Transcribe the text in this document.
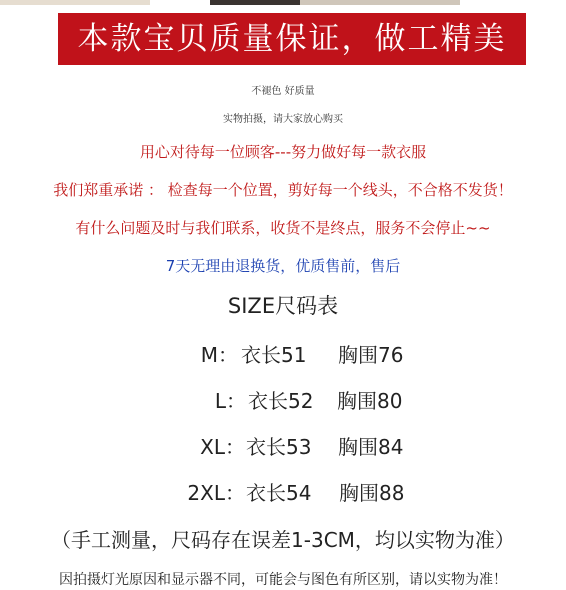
本款宝贝质量保证，做工精美
不褪色 好质量
实物拍摄，请大家放心购买
用心对待每一位顾客---努力做好每一款衣服
我们郑重承诺 ： 检查每一个位置，剪好每一个线头，不合格不发货！
有什么问题及时与我们联系，收货不是终点，服务不会停止~~
7天无理由退换货，优质售前，售后
SIZE尺码表
M： 衣长51 胸围76
L： 衣长52 胸围80
XL： 衣长53 胸围84
2XL： 衣长54 胸围88
（手工测量，尺码存在误差1-3CM，均以实物为准）
因拍摄灯光原因和显示器不同，可能会与图色有所区别，请以实物为准！
